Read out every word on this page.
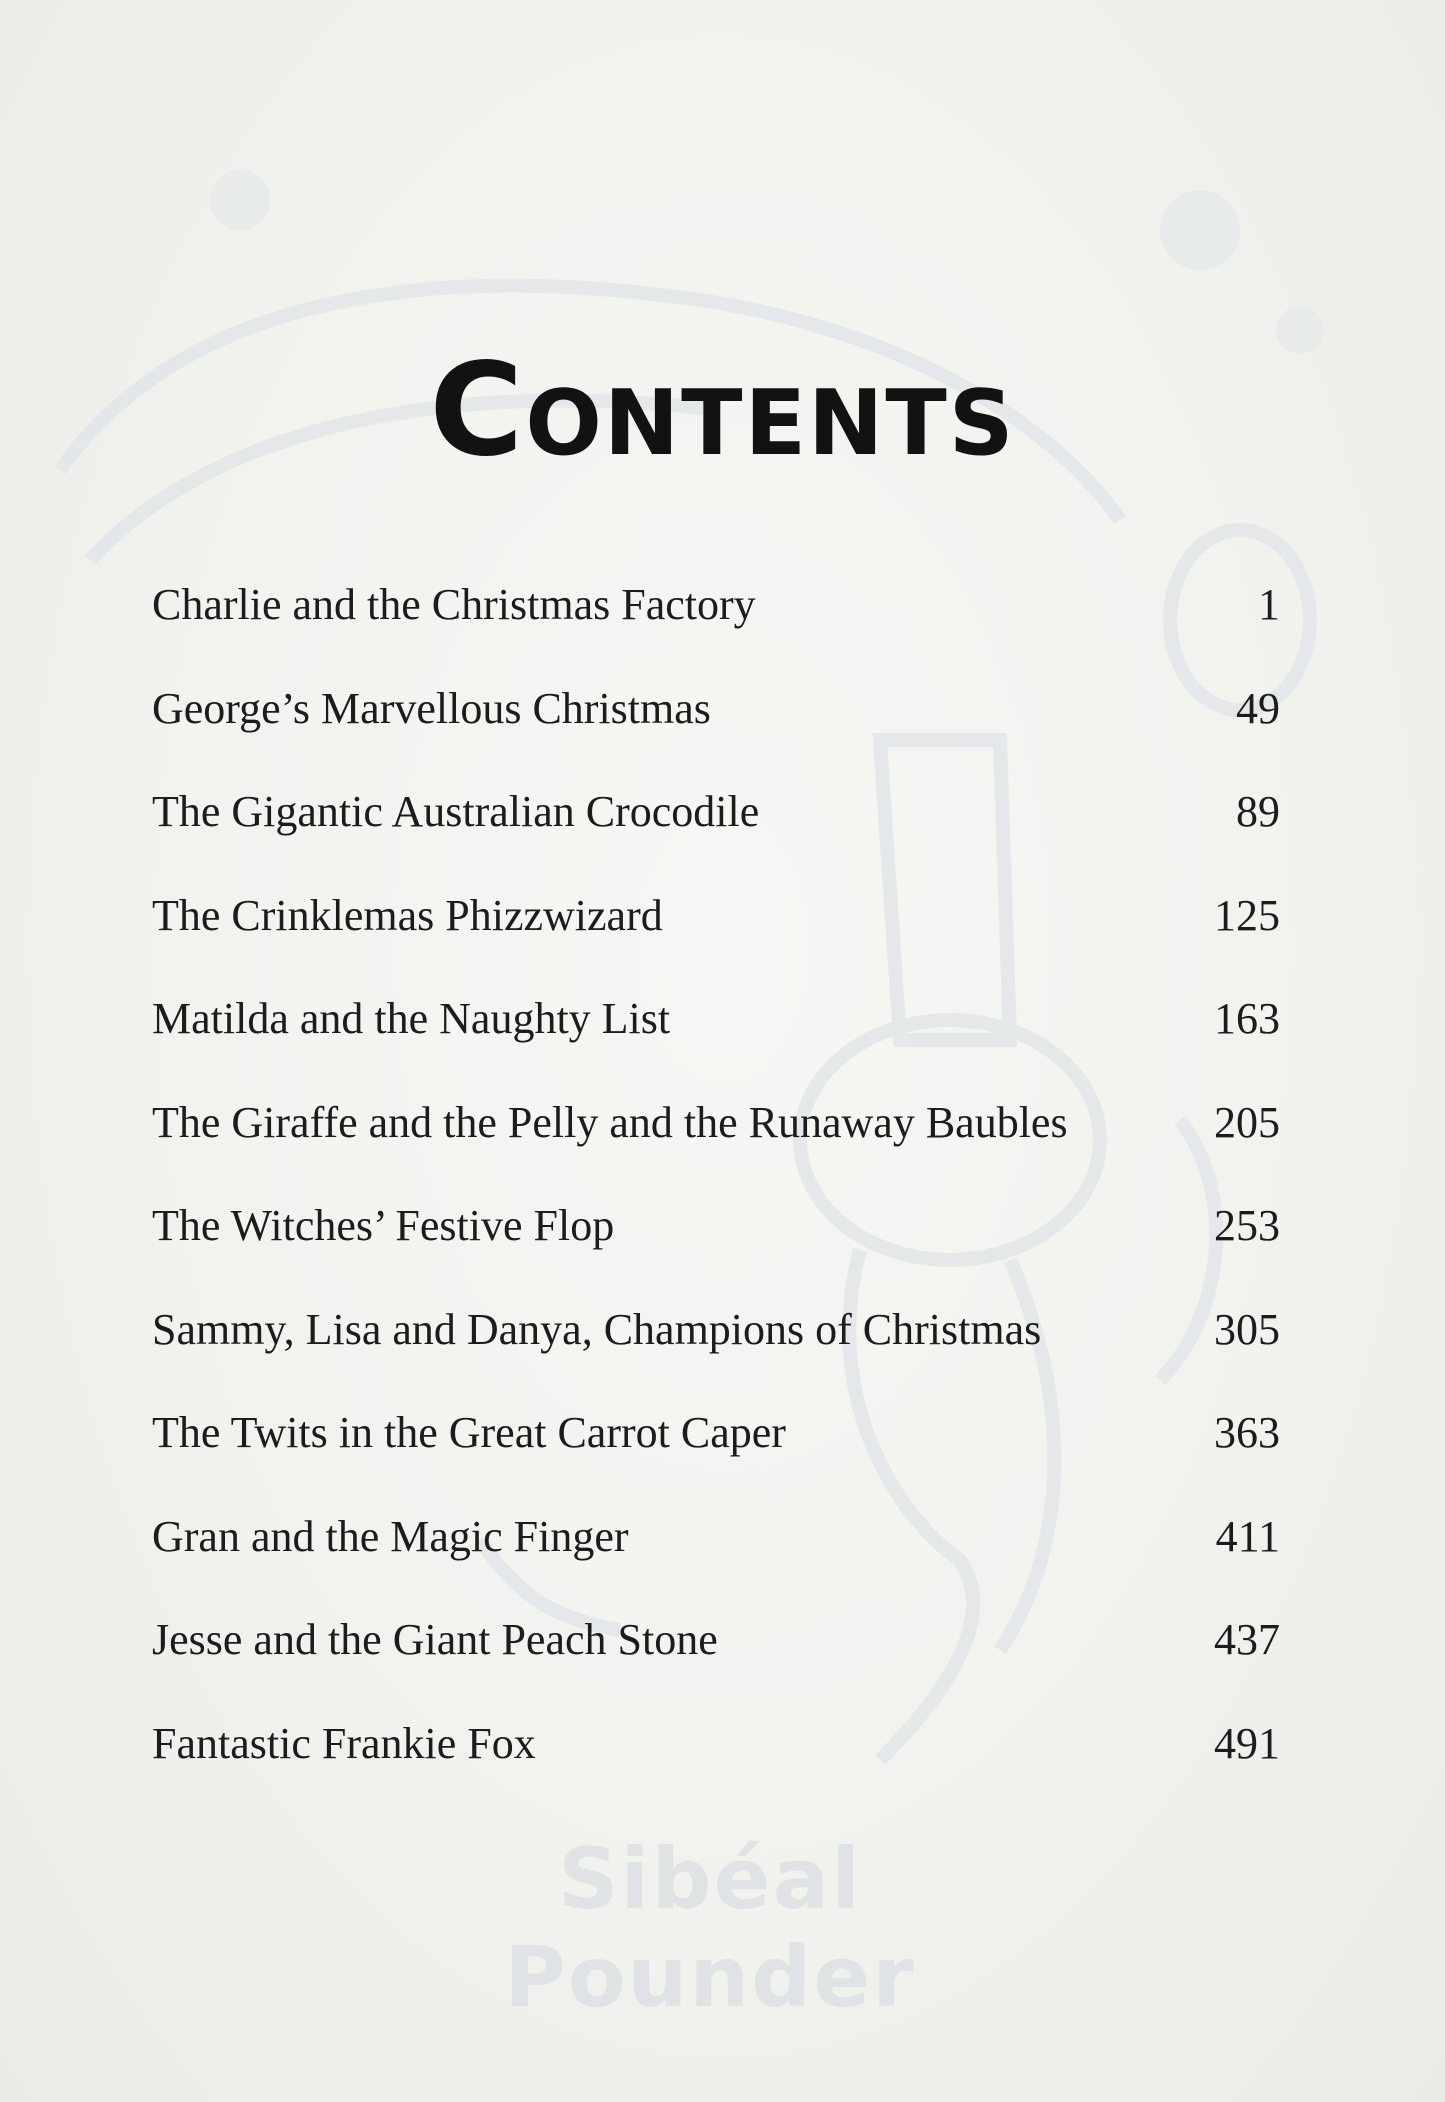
Sibéal Pounder
Contents
Charlie and the Christmas Factory	1
George’s Marvellous Christmas	49
The Gigantic Australian Crocodile	89
The Crinklemas Phizzwizard	125
Matilda and the Naughty List	163
The Giraffe and the Pelly and the Runaway Baubles	205
The Witches’ Festive Flop	253
Sammy, Lisa and Danya, Champions of Christmas	305
The Twits in the Great Carrot Caper	363
Gran and the Magic Finger	411
Jesse and the Giant Peach Stone	437
Fantastic Frankie Fox	491
